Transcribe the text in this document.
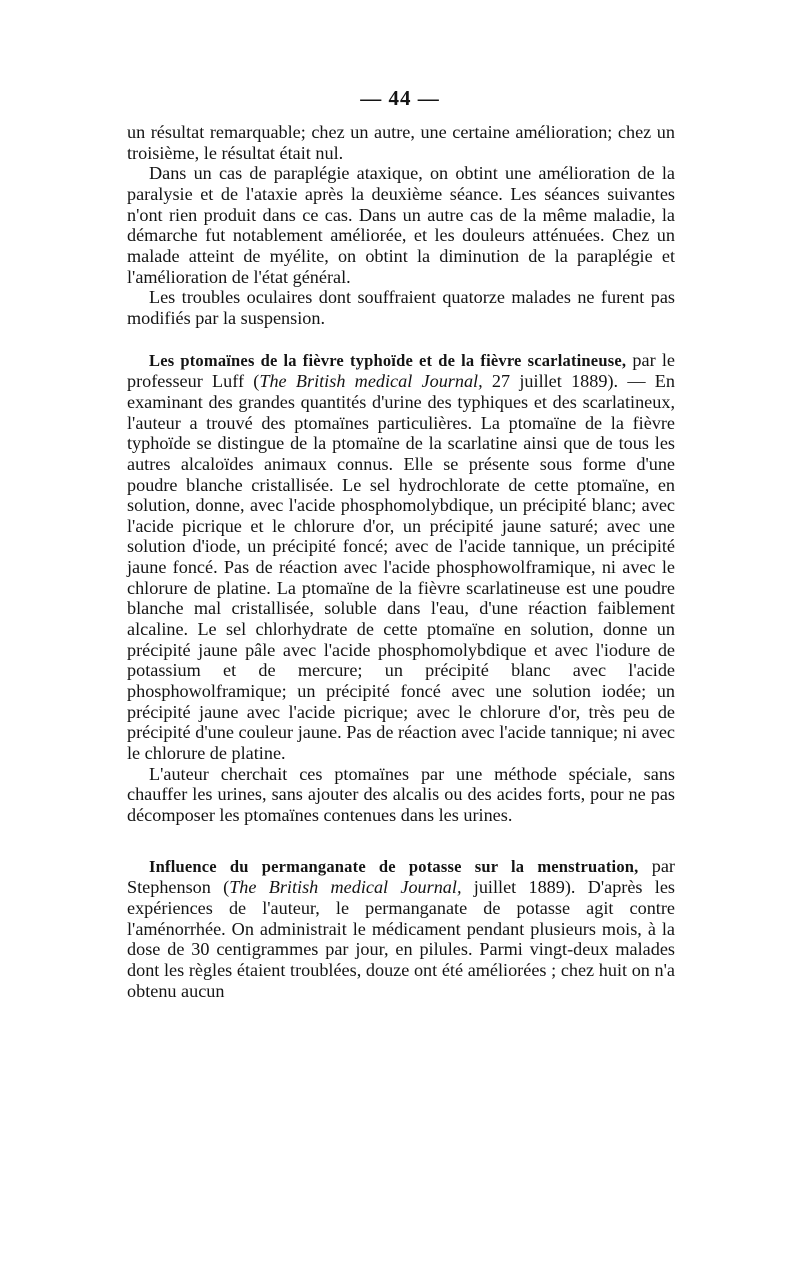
— 44 —

un résultat remarquable; chez un autre, une certaine amélioration; chez un troisième, le résultat était nul.

Dans un cas de paraplégie ataxique, on obtint une amélioration de la paralysie et de l'ataxie après la deuxième séance. Les séances suivantes n'ont rien produit dans ce cas. Dans un autre cas de la même maladie, la démarche fut notablement améliorée, et les douleurs atténuées. Chez un malade atteint de myélite, on obtint la diminution de la paraplégie et l'amélioration de l'état général.

Les troubles oculaires dont souffraient quatorze malades ne furent pas modifiés par la suspension.

Les ptomaïnes de la fièvre typhoïde et de la fièvre scarlatineuse, par le professeur Luff (The British medical Journal, 27 juillet 1889). — En examinant des grandes quantités d'urine des typhiques et des scarlatineux, l'auteur a trouvé des ptomaïnes particulières. La ptomaïne de la fièvre typhoïde se distingue de la ptomaïne de la scarlatine ainsi que de tous les autres alcaloïdes animaux connus. Elle se présente sous forme d'une poudre blanche cristallisée. Le sel hydrochlorate de cette ptomaïne, en solution, donne, avec l'acide phosphomolybdique, un précipité blanc; avec l'acide picrique et le chlorure d'or, un précipité jaune saturé; avec une solution d'iode, un précipité foncé; avec de l'acide tannique, un précipité jaune foncé. Pas de réaction avec l'acide phosphowolframique, ni avec le chlorure de platine. La ptomaïne de la fièvre scarlatineuse est une poudre blanche mal cristallisée, soluble dans l'eau, d'une réaction faiblement alcaline. Le sel chlorhydrate de cette ptomaïne en solution, donne un précipité jaune pâle avec l'acide phosphomolybdique et avec l'iodure de potassium et de mercure; un précipité blanc avec l'acide phosphowolframique; un précipité foncé avec une solution iodée; un précipité jaune avec l'acide picrique; avec le chlorure d'or, très peu de précipité d'une couleur jaune. Pas de réaction avec l'acide tannique; ni avec le chlorure de platine.

L'auteur cherchait ces ptomaïnes par une méthode spéciale, sans chauffer les urines, sans ajouter des alcalis ou des acides forts, pour ne pas décomposer les ptomaïnes contenues dans les urines.

Influence du permanganate de potasse sur la menstruation, par Stephenson (The British medical Journal, juillet 1889). D'après les expériences de l'auteur, le permanganate de potasse agit contre l'aménorrhée. On administrait le médicament pendant plusieurs mois, à la dose de 30 centigrammes par jour, en pilules. Parmi vingt-deux malades dont les règles étaient troublées, douze ont été améliorées ; chez huit on n'a obtenu aucun
